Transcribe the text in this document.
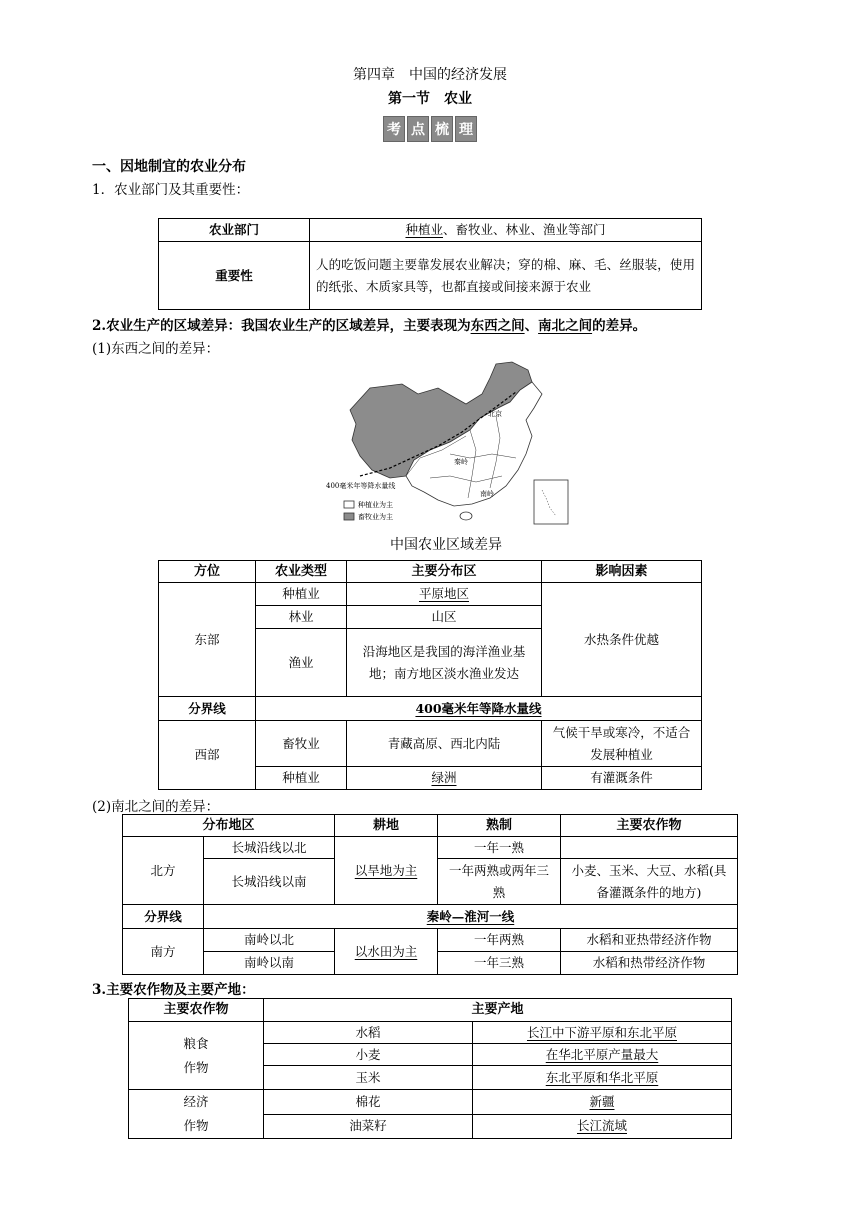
第四章　中国的经济发展
第一节　农业
考 点 梳 理
一、因地制宜的农业分布
1．农业部门及其重要性：
农业部门	种植业、畜牧业、林业、渔业等部门
重要性	人的吃饭问题主要靠发展农业解决；穿的棉、麻、毛、丝服装，使用的纸张、木质家具等，也都直接或间接来源于农业
2.农业生产的区域差异：我国农业生产的区域差异，主要表现为东西之间、南北之间的差异。
(1)东西之间的差异：
北京
秦岭
南岭
400毫米年等降水量线
种植业为主
畜牧业为主
中国农业区域差异
方位	农业类型	主要分布区	影响因素
东部	种植业	平原地区	水热条件优越
	林业	山区	
	渔业	沿海地区是我国的海洋渔业基地；南方地区淡水渔业发达	
分界线	400毫米年等降水量线		
西部	畜牧业	青藏高原、西北内陆	气候干旱或寒冷，不适合发展种植业
	种植业	绿洲	有灌溉条件
(2)南北之间的差异：
分布地区		耕地	熟制	主要农作物
北方	长城沿线以北	以旱地为主	一年一熟	
	长城沿线以南		一年两熟或两年三熟	小麦、玉米、大豆、水稻(具备灌溉条件的地方)
分界线	秦岭—淮河一线			
南方	南岭以北	以水田为主	一年两熟	水稻和亚热带经济作物
	南岭以南		一年三熟	水稻和热带经济作物
3.主要农作物及主要产地：
主要农作物	主要产地	

粮食作物	水稻	长江中下游平原和东北平原
	小麦	在华北平原产量最大
	玉米	东北平原和华北平原

经济作物	棉花	新疆
	油菜籽	长江流域
